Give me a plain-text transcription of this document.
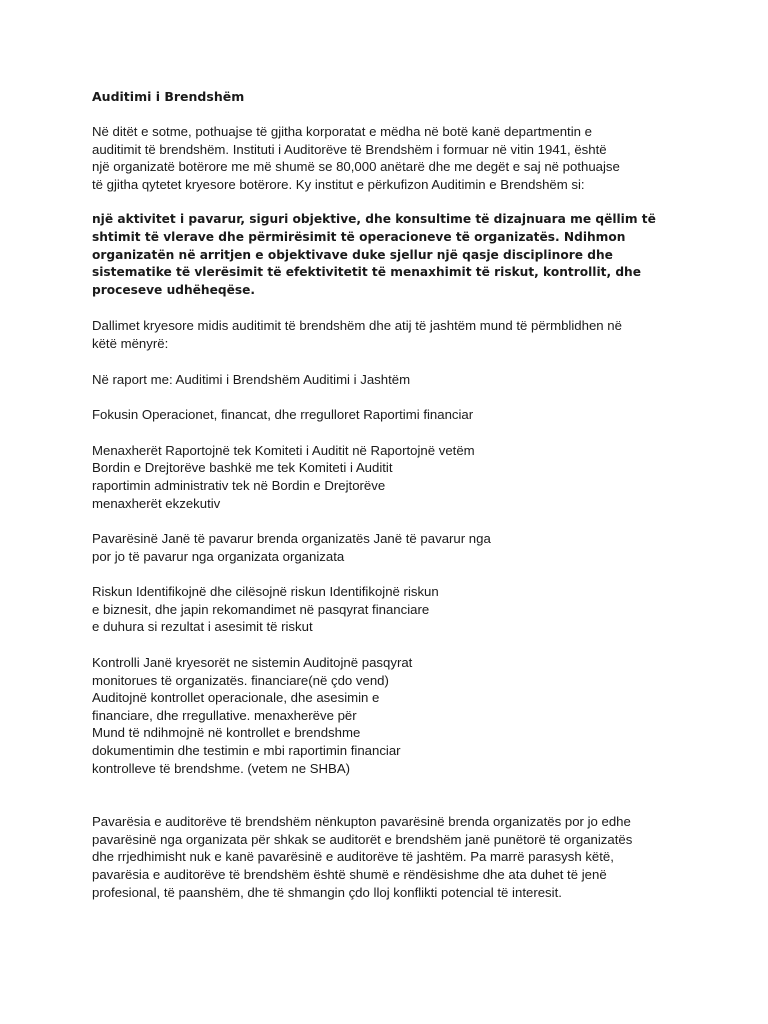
Auditimi i Brendshëm
Në ditët e sotme, pothuajse të gjitha korporatat e mëdha në botë kanë departmentin e
auditimit të brendshëm. Instituti i Auditorëve të Brendshëm i formuar në vitin 1941, është
një organizatë botërore me më shumë se 80,000 anëtarë dhe me degët e saj në pothuajse
të gjitha qytetet kryesore botërore. Ky institut e përkufizon Auditimin e Brendshëm si:
një aktivitet i pavarur, siguri objektive, dhe konsultime të dizajnuara me qëllim të
shtimit të vlerave dhe përmirësimit të operacioneve të organizatës. Ndihmon
organizatën në arritjen e objektivave duke sjellur një qasje disciplinore dhe
sistematike të vlerësimit të efektivitetit të menaxhimit të riskut, kontrollit, dhe
proceseve udhëheqëse.
Dallimet kryesore midis auditimit të brendshëm dhe atij të jashtëm mund të përmblidhen në
këtë mënyrë:
Në raport me: Auditimi i Brendshëm Auditimi i Jashtëm
Fokusin Operacionet, financat, dhe rregulloret Raportimi financiar
Menaxherët Raportojnë tek Komiteti i Auditit në Raportojnë vetëm
Bordin e Drejtorëve bashkë me tek Komiteti i Auditit
raportimin administrativ tek në Bordin e Drejtorëve
menaxherët ekzekutiv
Pavarësinë Janë të pavarur brenda organizatës Janë të pavarur nga
por jo të pavarur nga organizata organizata
Riskun Identifikojnë dhe cilësojnë riskun Identifikojnë riskun
e biznesit, dhe japin rekomandimet në pasqyrat financiare
e duhura si rezultat i asesimit të riskut
Kontrolli Janë kryesorët ne sistemin Auditojnë pasqyrat
monitorues të organizatës. financiare(në çdo vend)
Auditojnë kontrollet operacionale, dhe asesimin e
financiare, dhe rregullative. menaxherëve për
Mund të ndihmojnë në kontrollet e brendshme
dokumentimin dhe testimin e mbi raportimin financiar
kontrolleve të brendshme. (vetem ne SHBA)
Pavarësia e auditorëve të brendshëm nënkupton pavarësinë brenda organizatës por jo edhe
pavarësinë nga organizata për shkak se auditorët e brendshëm janë punëtorë të organizatës
dhe rrjedhimisht nuk e kanë pavarësinë e auditorëve të jashtëm. Pa marrë parasysh këtë,
pavarësia e auditorëve të brendshëm është shumë e rëndësishme dhe ata duhet të jenë
profesional, të paanshëm, dhe të shmangin çdo lloj konflikti potencial të interesit.
